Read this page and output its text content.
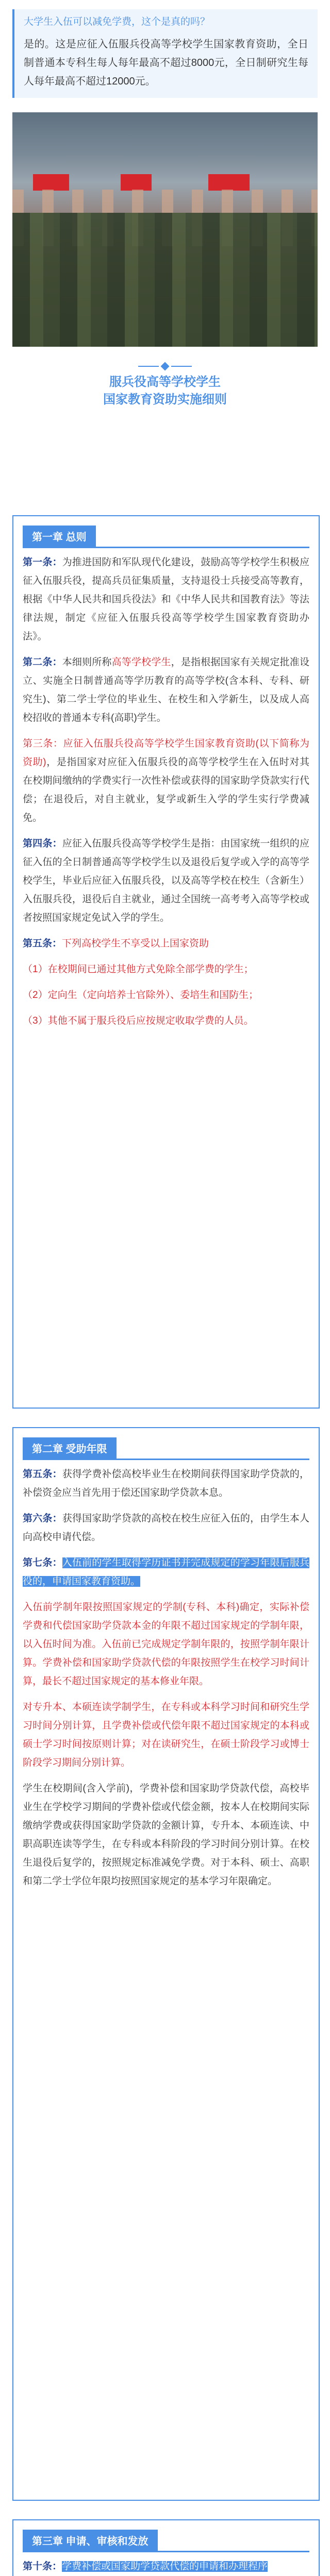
大学生入伍可以减免学费，这个是真的吗？
是的。这是应征入伍服兵役高等学校学生国家教育资助，全日制普通本专科生每人每年最高不超过8000元，全日制研究生每人每年最高不超过12000元。
服兵役高等学校学生
国家教育资助实施细则
第一章 总则

第一条：为推进国防和军队现代化建设，鼓励高等学校学生积极应征入伍服兵役，提高兵员征集质量，支持退役士兵接受高等教育，根据《中华人民共和国兵役法》和《中华人民共和国教育法》等法律法规，制定《应征入伍服兵役高等学校学生国家教育资助办法》。

第二条：本细则所称高等学校学生，是指根据国家有关规定批准设立、实施全日制普通高等学历教育的高等学校(含本科、专科、研究生)、第二学士学位的毕业生、在校生和入学新生，以及成人高校招收的普通本专科(高职)学生。

第三条：应征入伍服兵役高等学校学生国家教育资助(以下简称为资助)，是指国家对应征入伍服兵役的高等学校学生在入伍时对其在校期间缴纳的学费实行一次性补偿或获得的国家助学贷款实行代偿；在退役后，对自主就业，复学或新生入学的学生实行学费减免。

第四条：应征入伍服兵役高等学校学生是指：由国家统一组织的应征入伍的全日制普通高等学校学生以及退役后复学或入学的高等学校学生，毕业后应征入伍服兵役，以及高等学校在校生（含新生）入伍服兵役，退役后自主就业，通过全国统一高考考入高等学校或者按照国家规定免试入学的学生。

第五条：下列高校学生不享受以上国家资助

（1）在校期间已通过其他方式免除全部学费的学生；

（2）定向生（定向培养士官除外）、委培生和国防生；

（3）其他不属于服兵役后应按规定收取学费的人员。

第二章 受助年限

第五条：获得学费补偿高校毕业生在校期间获得国家助学贷款的，补偿资金应当首先用于偿还国家助学贷款本息。

第六条：获得国家助学贷款的高校在校生应征入伍的，由学生本人向高校申请代偿。

第七条：入伍前的学生取得学历证书并完成规定的学习年限后服兵役的，申请国家教育资助。

入伍前学制年限按照国家规定的学制(专科、本科)确定，实际补偿学费和代偿国家助学贷款本金的年限不超过国家规定的学制年限，以入伍时间为准。入伍前已完成规定学制年限的，按照学制年限计算。学费补偿和国家助学贷款代偿的年限按照学生在校学习时间计算，最长不超过国家规定的基本修业年限。

对专升本、本硕连读学制学生，在专科或本科学习时间和研究生学习时间分别计算，且学费补偿或代偿年限不超过国家规定的本科或硕士学习时间按原则计算；对在读研究生，在硕士阶段学习或博士阶段学习期间分别计算。

学生在校期间(含入学前)，学费补偿和国家助学贷款代偿，高校毕业生在学校学习期间的学费补偿或代偿金额，按本人在校期间实际缴纳学费或获得国家助学贷款的金额计算，专升本、本硕连读、中职高职连读等学生，在专科或本科阶段的学习时间分别计算。在校生退役后复学的，按照规定标准减免学费。对于本科、硕士、高职和第二学士学位年限均按照国家规定的基本学习年限确定。

第三章 申请、审核和发放

第十条：学费补偿或国家助学贷款代偿的申请和办理程序
